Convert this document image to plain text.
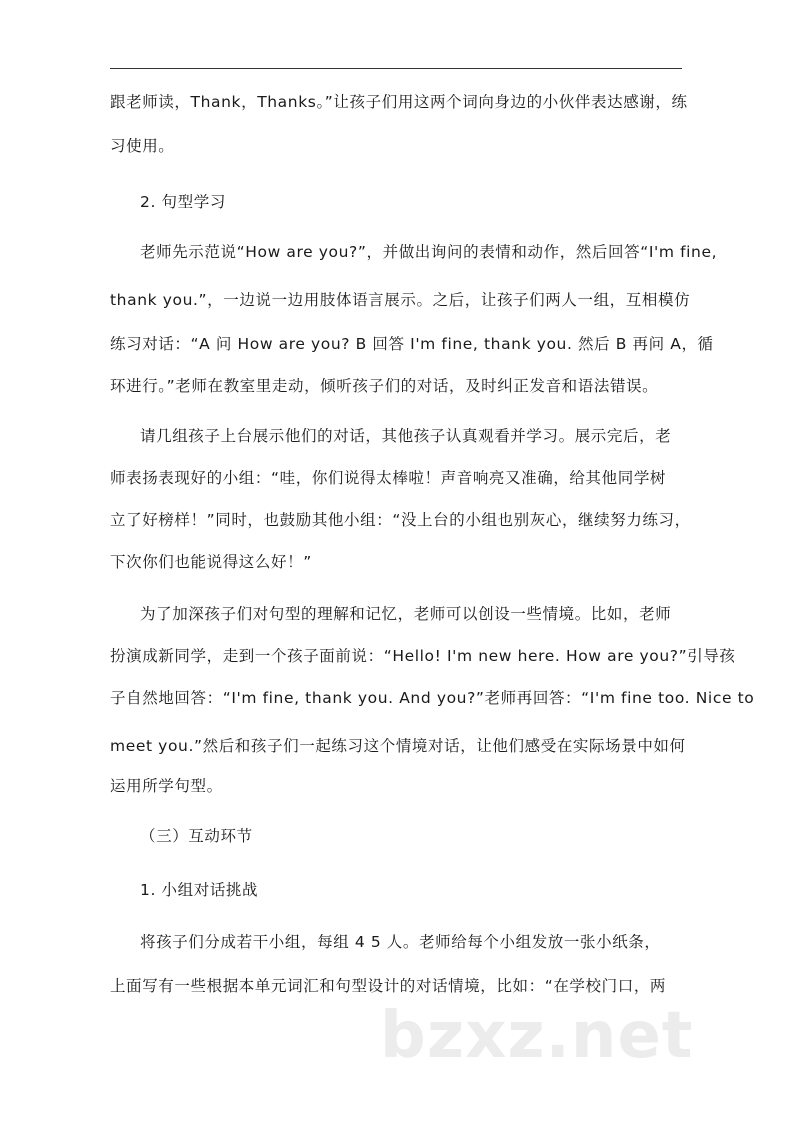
跟老师读，Thank，Thanks。”让孩子们用这两个词向身边的小伙伴表达感谢，练
习使用。
2. 句型学习
老师先示范说“How are you?”，并做出询问的表情和动作，然后回答“I'm fine,
thank you.”，一边说一边用肢体语言展示。之后，让孩子们两人一组，互相模仿
练习对话：“A 问 How are you? B 回答 I'm fine, thank you. 然后 B 再问 A，循
环进行。”老师在教室里走动，倾听孩子们的对话，及时纠正发音和语法错误。
请几组孩子上台展示他们的对话，其他孩子认真观看并学习。展示完后，老
师表扬表现好的小组：“哇，你们说得太棒啦！声音响亮又准确，给其他同学树
立了好榜样！”同时，也鼓励其他小组：“没上台的小组也别灰心，继续努力练习，
下次你们也能说得这么好！”
为了加深孩子们对句型的理解和记忆，老师可以创设一些情境。比如，老师
扮演成新同学，走到一个孩子面前说：“Hello! I'm new here. How are you?”引导孩
子自然地回答：“I'm fine, thank you. And you?”老师再回答：“I'm fine too. Nice to
meet you.”然后和孩子们一起练习这个情境对话，让他们感受在实际场景中如何
运用所学句型。
（三）互动环节
1. 小组对话挑战
将孩子们分成若干小组，每组 4 5 人。老师给每个小组发放一张小纸条，
上面写有一些根据本单元词汇和句型设计的对话情境，比如：“在学校门口，两
bzxz.net
